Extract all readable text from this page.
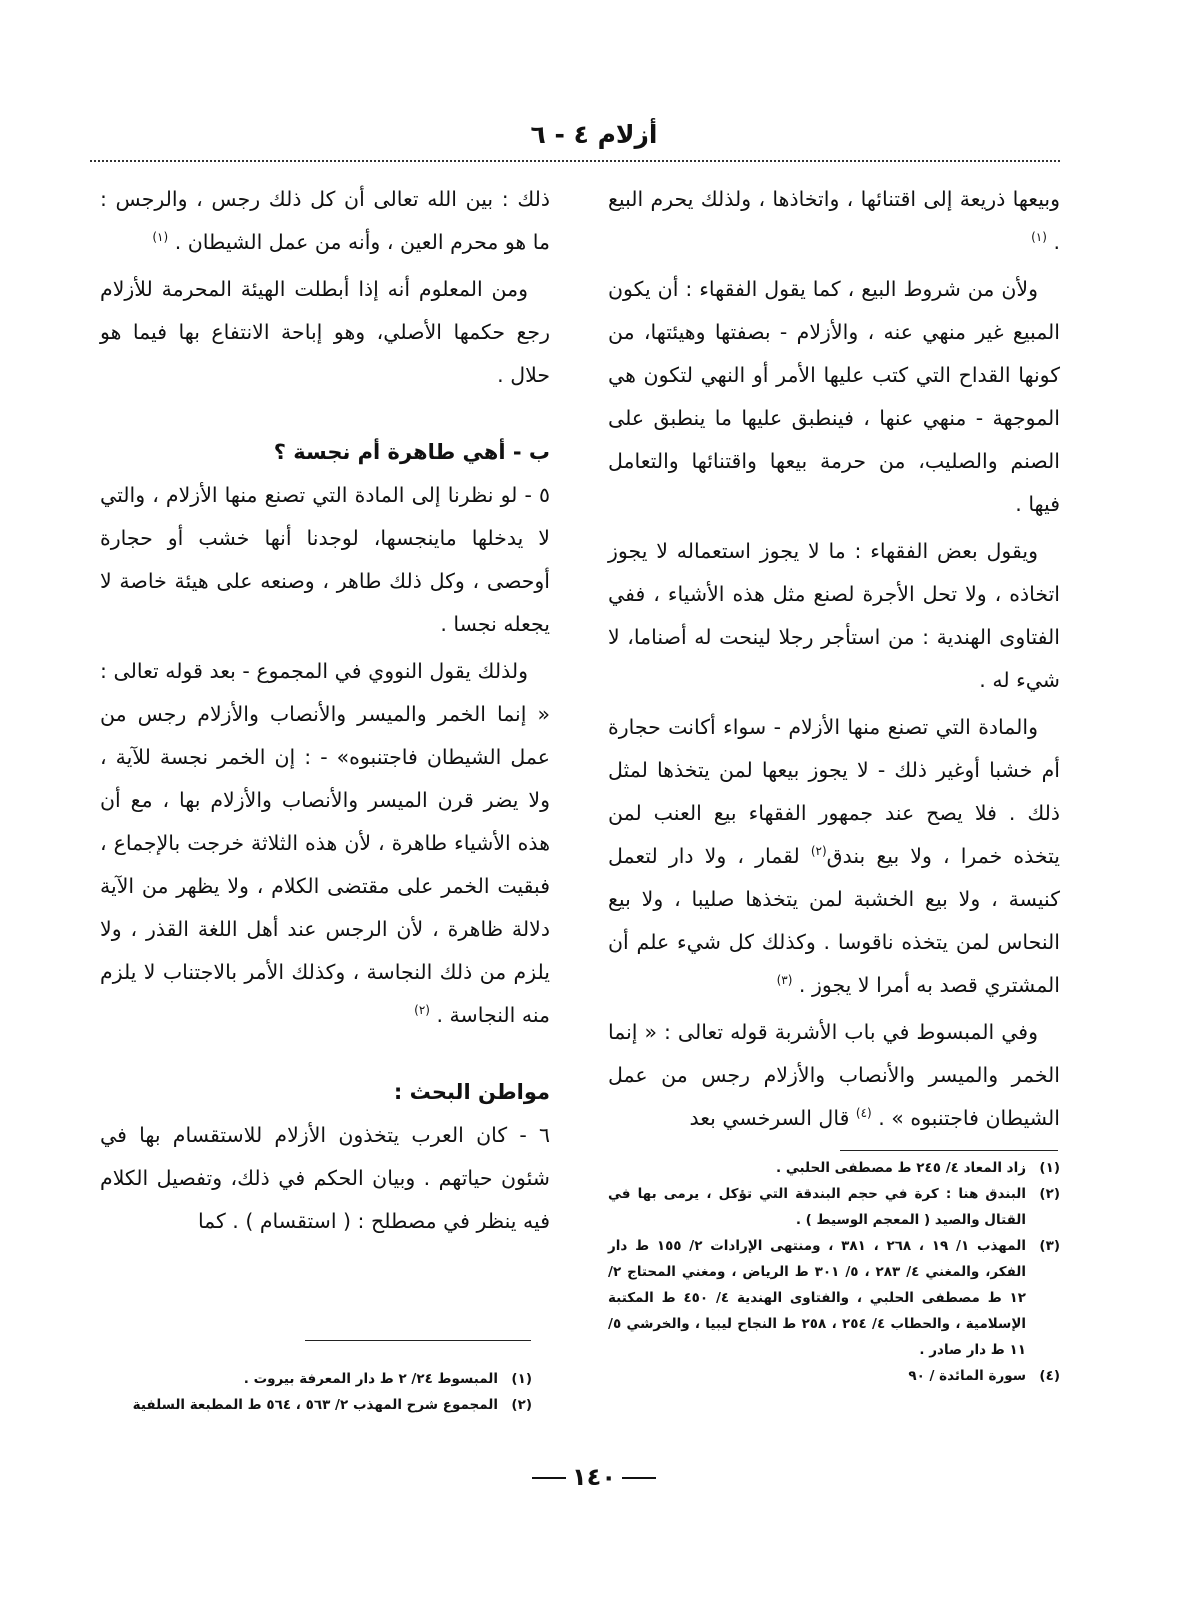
أزلام ٤ - ٦

وبيعها ذريعة إلى اقتنائها ، واتخاذها ، ولذلك يحرم البيع . $^{(١)}$

ولأن من شروط البيع ، كما يقول الفقهاء : أن يكون المبيع غير منهي عنه ، والأزلام - بصفتها وهيئتها، من كونها القداح التي كتب عليها الأمر أو النهي لتكون هي الموجهة - منهي عنها ، فينطبق عليها ما ينطبق على الصنم والصليب، من حرمة بيعها واقتنائها والتعامل فيها .

ويقول بعض الفقهاء : ما لا يجوز استعماله لا يجوز اتخاذه ، ولا تحل الأجرة لصنع مثل هذه الأشياء ، ففي الفتاوى الهندية : من استأجر رجلا لينحت له أصناما، لا شيء له .

والمادة التي تصنع منها الأزلام - سواء أكانت حجارة أم خشبا أوغير ذلك - لا يجوز بيعها لمن يتخذها لمثل ذلك . فلا يصح عند جمهور الفقهاء بيع العنب لمن يتخذه خمرا ، ولا بيع بندق$^{(٢)}$ لقمار ، ولا دار لتعمل كنيسة ، ولا بيع الخشبة لمن يتخذها صليبا ، ولا بيع النحاس لمن يتخذه ناقوسا . وكذلك كل شيء علم أن المشتري قصد به أمرا لا يجوز . $^{(٣)}$

وفي المبسوط في باب الأشربة قوله تعالى : « إنما الخمر والميسر والأنصاب والأزلام رجس من عمل الشيطان فاجتنبوه » . $^{(٤)}$ قال السرخسي بعد

(١)
زاد المعاد ٤/ ٢٤٥ ط مصطفى الحلبي .
(٢)
البندق هنا : كرة في حجم البندقة التي تؤكل ، يرمى بها في القتال والصيد ( المعجم الوسيط ) .
(٣)
المهذب ١/ ١٩ ، ٢٦٨ ، ٣٨١ ، ومنتهى الإرادات ٢/ ١٥٥ ط دار الفكر، والمغني ٤/ ٢٨٣ ، ٥/ ٣٠١ ط الرياض ، ومغني المحتاج ٢/ ١٢ ط مصطفى الحلبي ، والفتاوى الهندية ٤/ ٤٥٠ ط المكتبة الإسلامية ، والحطاب ٤/ ٢٥٤ ، ٢٥٨ ط النجاح ليبيا ، والخرشي ٥/ ١١ ط دار صادر .
(٤)
سورة المائدة / ٩٠

ذلك : بين الله تعالى أن كل ذلك رجس ، والرجس : ما هو محرم العين ، وأنه من عمل الشيطان . $^{(١)}$

ومن المعلوم أنه إذا أبطلت الهيئة المحرمة للأزلام رجع حكمها الأصلي، وهو إباحة الانتفاع بها فيما هو حلال .

ب - أهي طاهرة أم نجسة ؟

٥ - لو نظرنا إلى المادة التي تصنع منها الأزلام ، والتي لا يدخلها ماينجسها، لوجدنا أنها خشب أو حجارة أوحصى ، وكل ذلك طاهر ، وصنعه على هيئة خاصة لا يجعله نجسا .

ولذلك يقول النووي في المجموع - بعد قوله تعالى : « إنما الخمر والميسر والأنصاب والأزلام رجس من عمل الشيطان فاجتنبوه» - : إن الخمر نجسة للآية ، ولا يضر قرن الميسر والأنصاب والأزلام بها ، مع أن هذه الأشياء طاهرة ، لأن هذه الثلاثة خرجت بالإجماع ، فبقيت الخمر على مقتضى الكلام ، ولا يظهر من الآية دلالة ظاهرة ، لأن الرجس عند أهل اللغة القذر ، ولا يلزم من ذلك النجاسة ، وكذلك الأمر بالاجتناب لا يلزم منه النجاسة . $^{(٢)}$

مواطن البحث :

٦ - كان العرب يتخذون الأزلام للاستقسام بها في شئون حياتهم . وبيان الحكم في ذلك، وتفصيل الكلام فيه ينظر في مصطلح : ( استقسام ) . كما

(١)
المبسوط ٢٤/ ٢ ط دار المعرفة بيروت .
(٢)
المجموع شرح المهذب ٢/ ٥٦٣ ، ٥٦٤ ط المطبعة السلفية
١٤٠
